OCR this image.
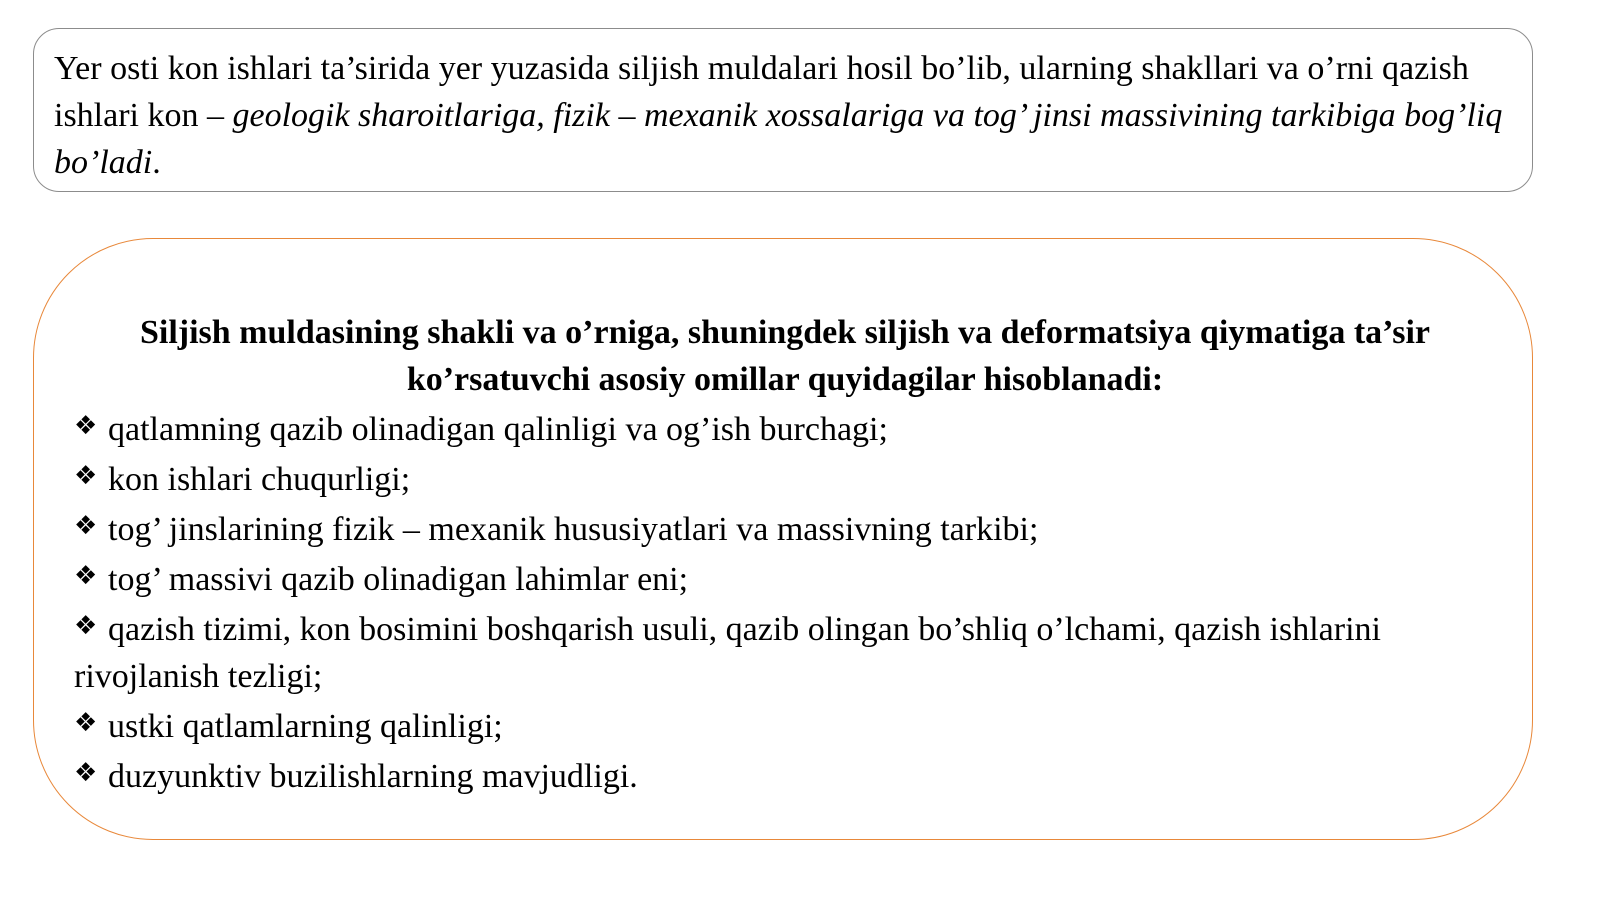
Yer osti kon ishlari ta’sirida yer yuzasida siljish muldalari hosil bo’lib, ularning shakllari va o’rni qazish ishlari kon – geologik sharoitlariga, fizik – mexanik xossalariga va tog’ jinsi massivining tarkibiga bog’liq bo’ladi.

Siljish muldasining shakli va o’rniga, shuningdek siljish va deformatsiya qiymatiga ta’sir ko’rsatuvchi asosiy omillar quyidagilar hisoblanadi:

❖ qatlamning qazib olinadigan qalinligi va og’ish burchagi;
❖ kon ishlari chuqurligi;
❖ tog’ jinslarining fizik – mexanik hususiyatlari va massivning tarkibi;
❖ tog’ massivi qazib olinadigan lahimlar eni;
❖ qazish tizimi, kon bosimini boshqarish usuli, qazib olingan bo’shliq o’lchami, qazish ishlarini rivojlanish tezligi;
❖ ustki qatlamlarning qalinligi;
❖ duzyunktiv buzilishlarning mavjudligi.
